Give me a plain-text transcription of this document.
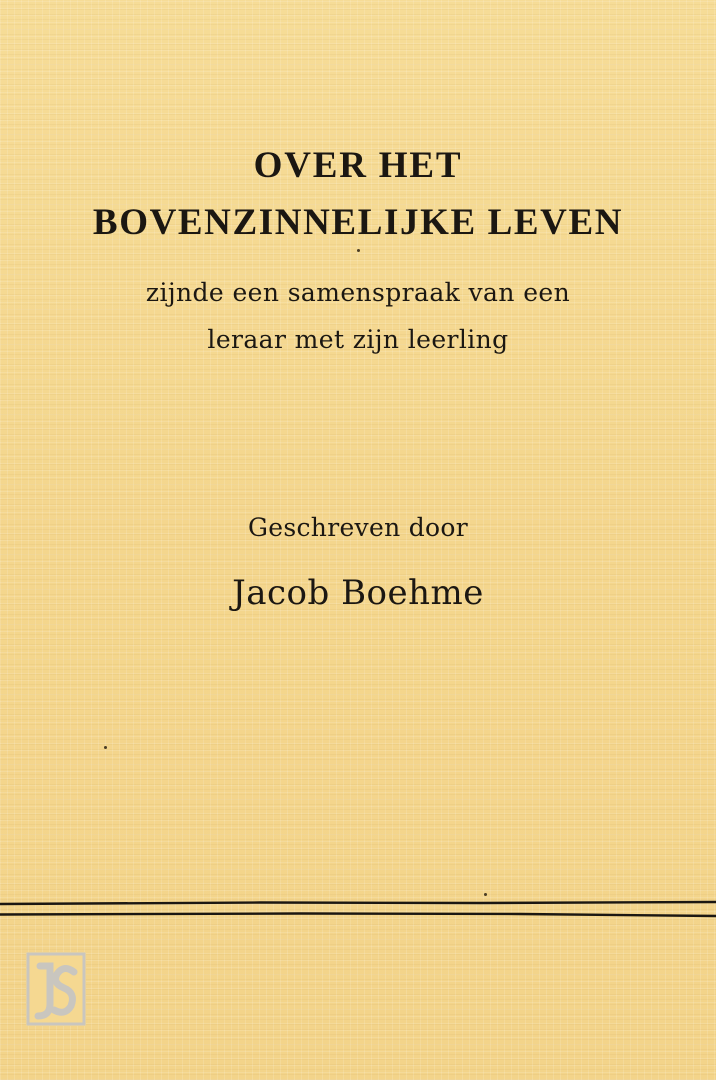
OVER HET
BOVENZINNELIJKE LEVEN

zijnde een samenspraak van een

leraar met zijn leerling

Geschreven door

Jacob Boehme
